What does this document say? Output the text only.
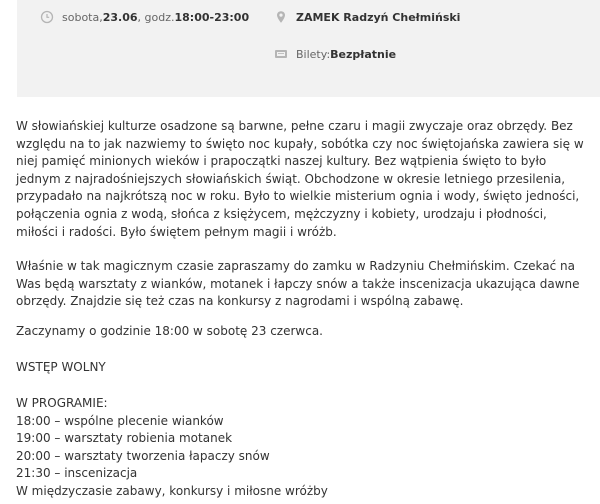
sobota, 23.06 , godz. 18:00-23:00	ZAMEK Radzyń Chełmiński
Bilety: Bezpłatnie

W słowiańskiej kulturze osadzone są barwne, pełne czaru i magii zwyczaje oraz obrzędy. Bez względu na to jak nazwiemy to święto noc kupały, sobótka czy noc świętojańska zawiera się w niej pamięć minionych wieków i prapoczątki naszej kultury. Bez wątpienia święto to było jednym z najradośniejszych słowiańskich świąt. Obchodzone w okresie letniego przesilenia, przypadało na najkrótszą noc w roku. Było to wielkie misterium ognia i wody, święto jedności, połączenia ognia z wodą, słońca z księżycem, mężczyzny i kobiety, urodzaju i płodności, miłości i radości. Było świętem pełnym magii i wróżb.

Właśnie w tak magicznym czasie zapraszamy do zamku w Radzyniu Chełmińskim. Czekać na Was będą warsztaty z wianków, motanek i łapczy snów a także inscenizacja ukazująca dawne obrzędy. Znajdzie się też czas na konkursy z nagrodami i wspólną zabawę.

Zaczynamy o godzinie 18:00 w sobotę 23 czerwca.

WSTĘP WOLNY

W PROGRAMIE:
18:00 – wspólne plecenie wianków
19:00 – warsztaty robienia motanek
20:00 – warsztaty tworzenia łapaczy snów
21:30 – inscenizacja
W międzyczasie zabawy, konkursy i miłosne wróżby
